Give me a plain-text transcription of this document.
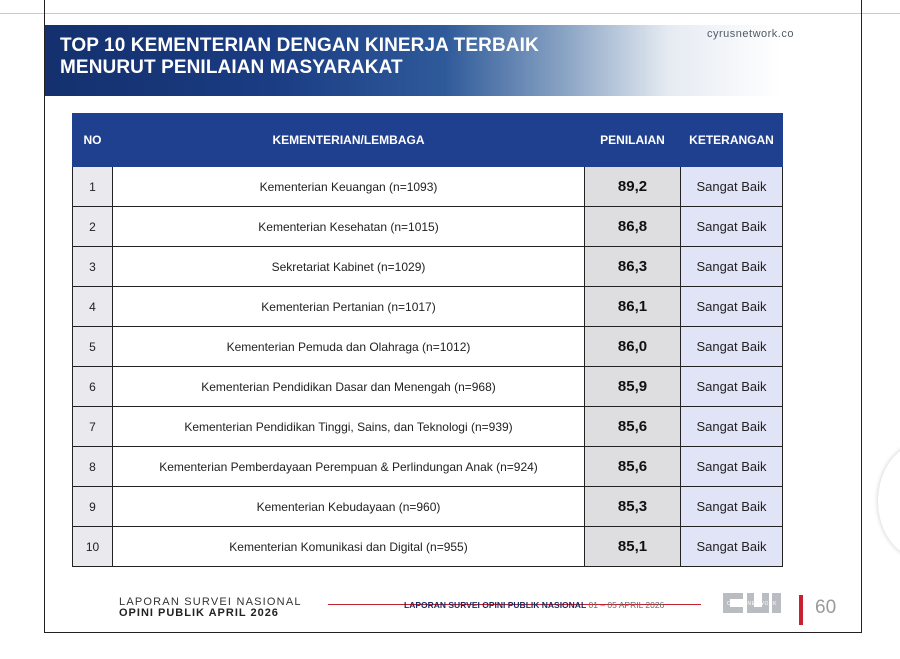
TOP 10 KEMENTERIAN DENGAN KINERJA TERBAIK
MENURUT PENILAIAN MASYARAKAT
cyrusnetwork.co
NO	KEMENTERIAN/LEMBAGA	PENILAIAN	KETERANGAN
1	Kementerian Keuangan (n=1093)	89,2	Sangat Baik
2	Kementerian Kesehatan (n=1015)	86,8	Sangat Baik
3	Sekretariat Kabinet (n=1029)	86,3	Sangat Baik
4	Kementerian Pertanian (n=1017)	86,1	Sangat Baik
5	Kementerian Pemuda dan Olahraga (n=1012)	86,0	Sangat Baik
6	Kementerian Pendidikan Dasar dan Menengah (n=968)	85,9	Sangat Baik
7	Kementerian Pendidikan Tinggi, Sains, dan Teknologi (n=939)	85,6	Sangat Baik
8	Kementerian Pemberdayaan Perempuan & Perlindungan Anak (n=924)	85,6	Sangat Baik
9	Kementerian Kebudayaan (n=960)	85,3	Sangat Baik
10	Kementerian Komunikasi dan Digital (n=955)	85,1	Sangat Baik
LAPORAN SURVEI NASIONAL
OPINI PUBLIK APRIL 2026
LAPORAN SURVEI OPINI PUBLIK NASIONAL 01 – 05 APRIL 2026	CYRUSNETWORK	60
